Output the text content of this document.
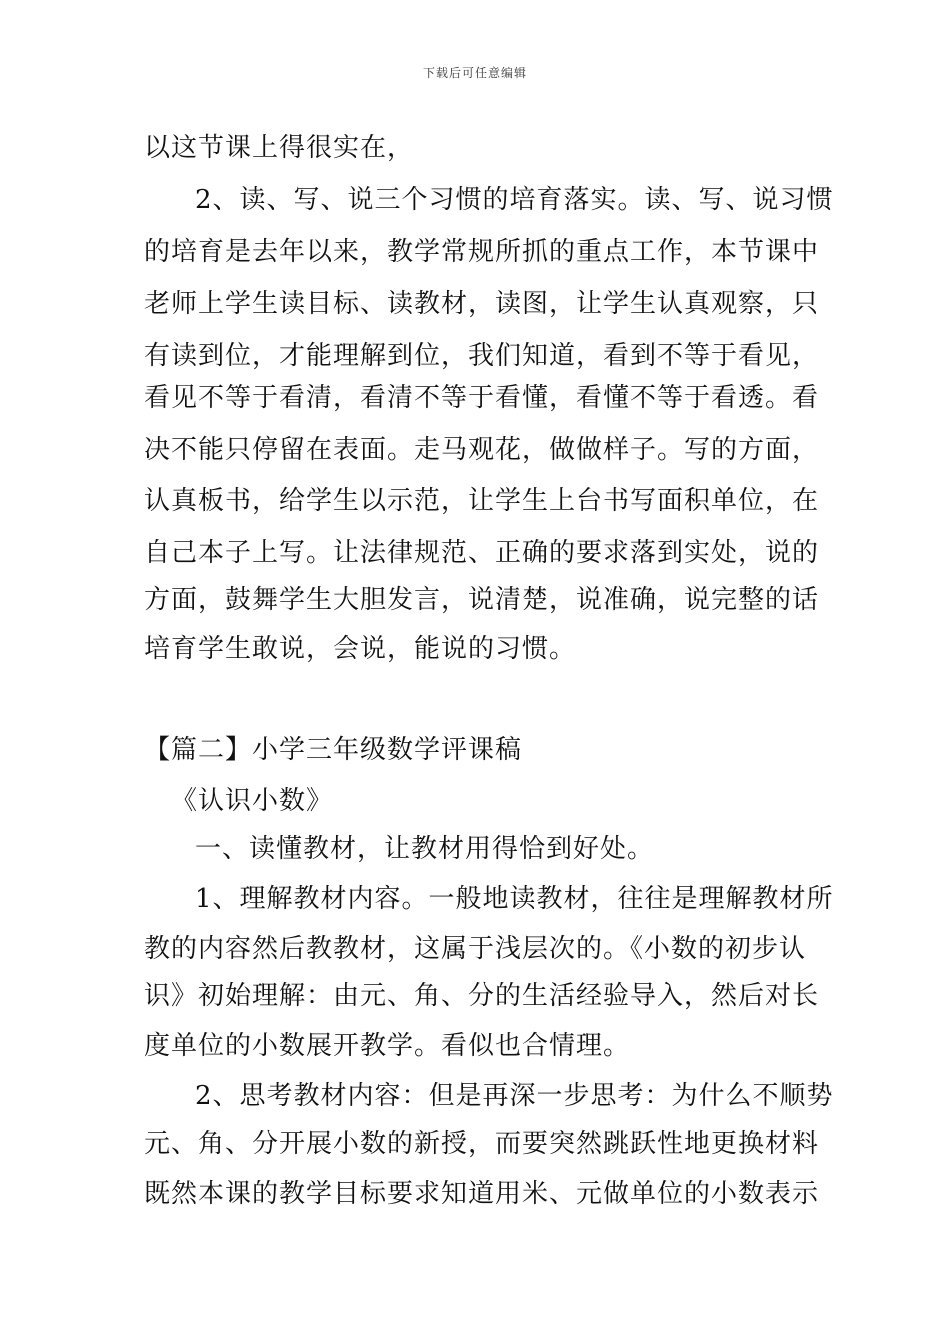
下载后可任意编辑
以这节课上得很实在，
2、读、写、说三个习惯的培育落实。读、写、说习惯
的培育是去年以来，教学常规所抓的重点工作，本节课中
老师上学生读目标、读教材，读图，让学生认真观察，只
有读到位，才能理解到位，我们知道，看到不等于看见，
看见不等于看清，看清不等于看懂，看懂不等于看透。看
决不能只停留在表面。走马观花，做做样子。写的方面，
认真板书，给学生以示范，让学生上台书写面积单位，在
自己本子上写。让法律规范、正确的要求落到实处，说的
方面，鼓舞学生大胆发言，说清楚，说准确，说完整的话
培育学生敢说，会说，能说的习惯。
【篇二】小学三年级数学评课稿
《认识小数》
一、读懂教材，让教材用得恰到好处。
1、理解教材内容。一般地读教材，往往是理解教材所
教的内容然后教教材，这属于浅层次的。《小数的初步认
识》初始理解：由元、角、分的生活经验导入，然后对长
度单位的小数展开教学。看似也合情理。
2、思考教材内容：但是再深一步思考：为什么不顺势
元、角、分开展小数的新授，而要突然跳跃性地更换材料
既然本课的教学目标要求知道用米、元做单位的小数表示
